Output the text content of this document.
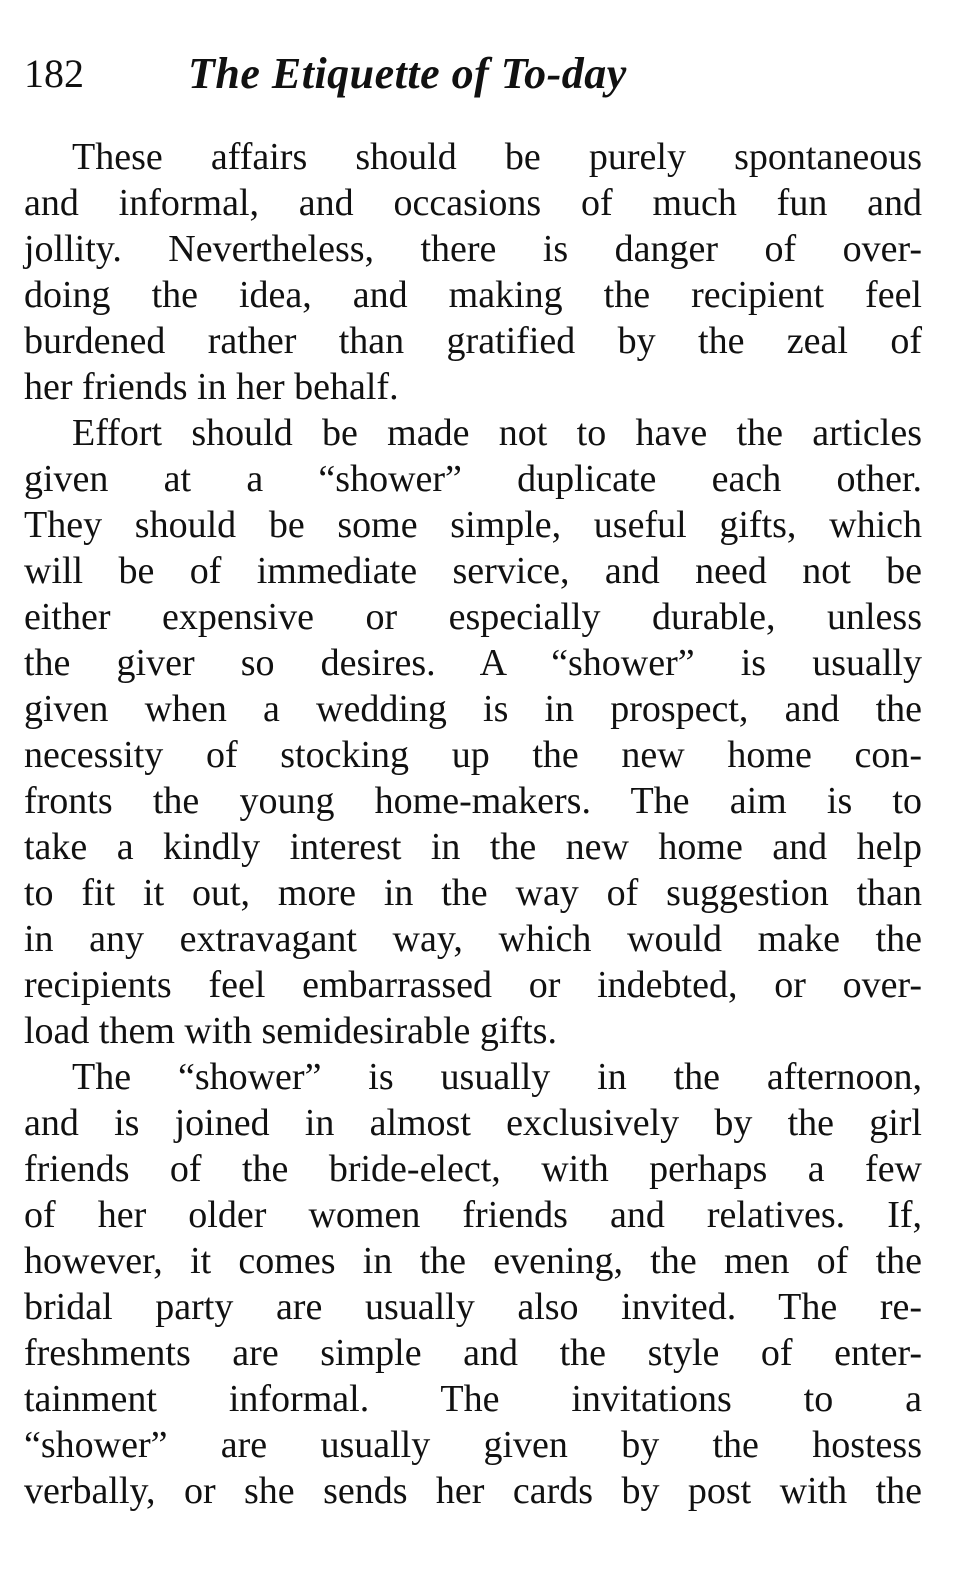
182 The Etiquette of To-day
These affairs should be purely spontaneous
and informal, and occasions of much fun and
jollity. Nevertheless, there is danger of over-
doing the idea, and making the recipient feel
burdened rather than gratified by the zeal of
her friends in her behalf.
Effort should be made not to have the articles
given at a “shower” duplicate each other.
They should be some simple, useful gifts, which
will be of immediate service, and need not be
either expensive or especially durable, unless
the giver so desires. A “shower” is usually
given when a wedding is in prospect, and the
necessity of stocking up the new home con-
fronts the young home-makers. The aim is to
take a kindly interest in the new home and help
to fit it out, more in the way of suggestion than
in any extravagant way, which would make the
recipients feel embarrassed or indebted, or over-
load them with semidesirable gifts.
The “shower” is usually in the afternoon,
and is joined in almost exclusively by the girl
friends of the bride-elect, with perhaps a few
of her older women friends and relatives. If,
however, it comes in the evening, the men of the
bridal party are usually also invited. The re-
freshments are simple and the style of enter-
tainment informal. The invitations to a
“shower” are usually given by the hostess
verbally, or she sends her cards by post with the
